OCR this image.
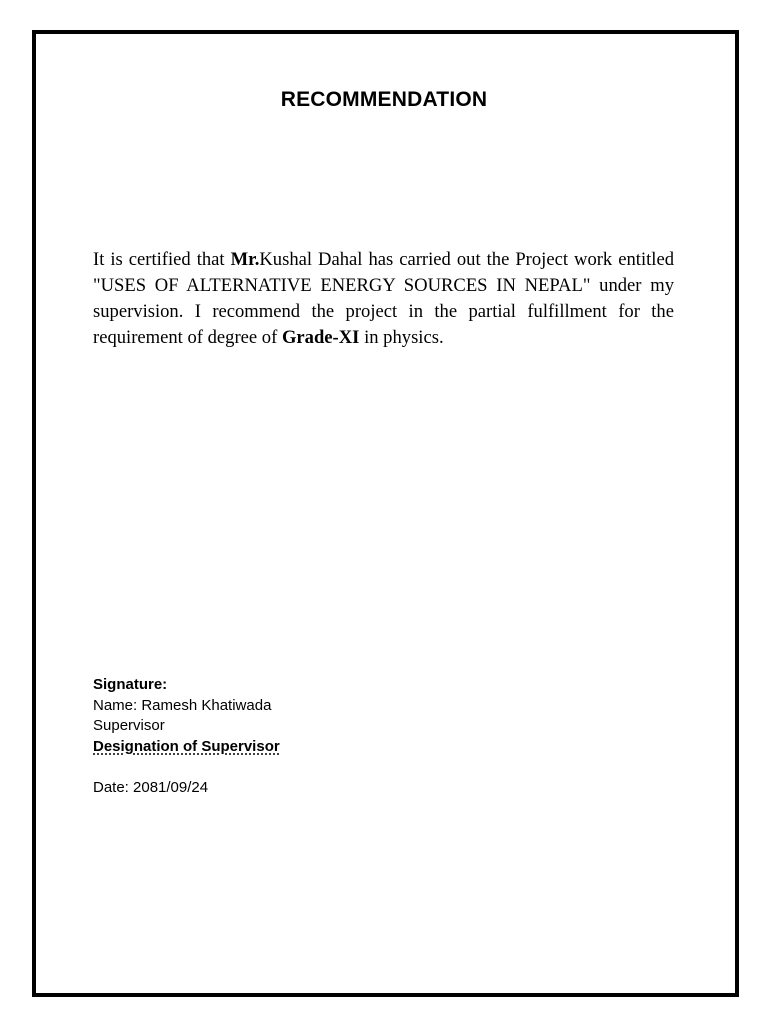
RECOMMENDATION
It is certified that Mr.Kushal Dahal has carried out the Project work entitled "USES OF ALTERNATIVE ENERGY SOURCES IN NEPAL" under my supervision. I recommend the project in the partial fulfillment for the requirement of degree of Grade-XI in physics.
Signature:
Name: Ramesh Khatiwada
Supervisor
Designation of Supervisor
Date: 2081/09/24
